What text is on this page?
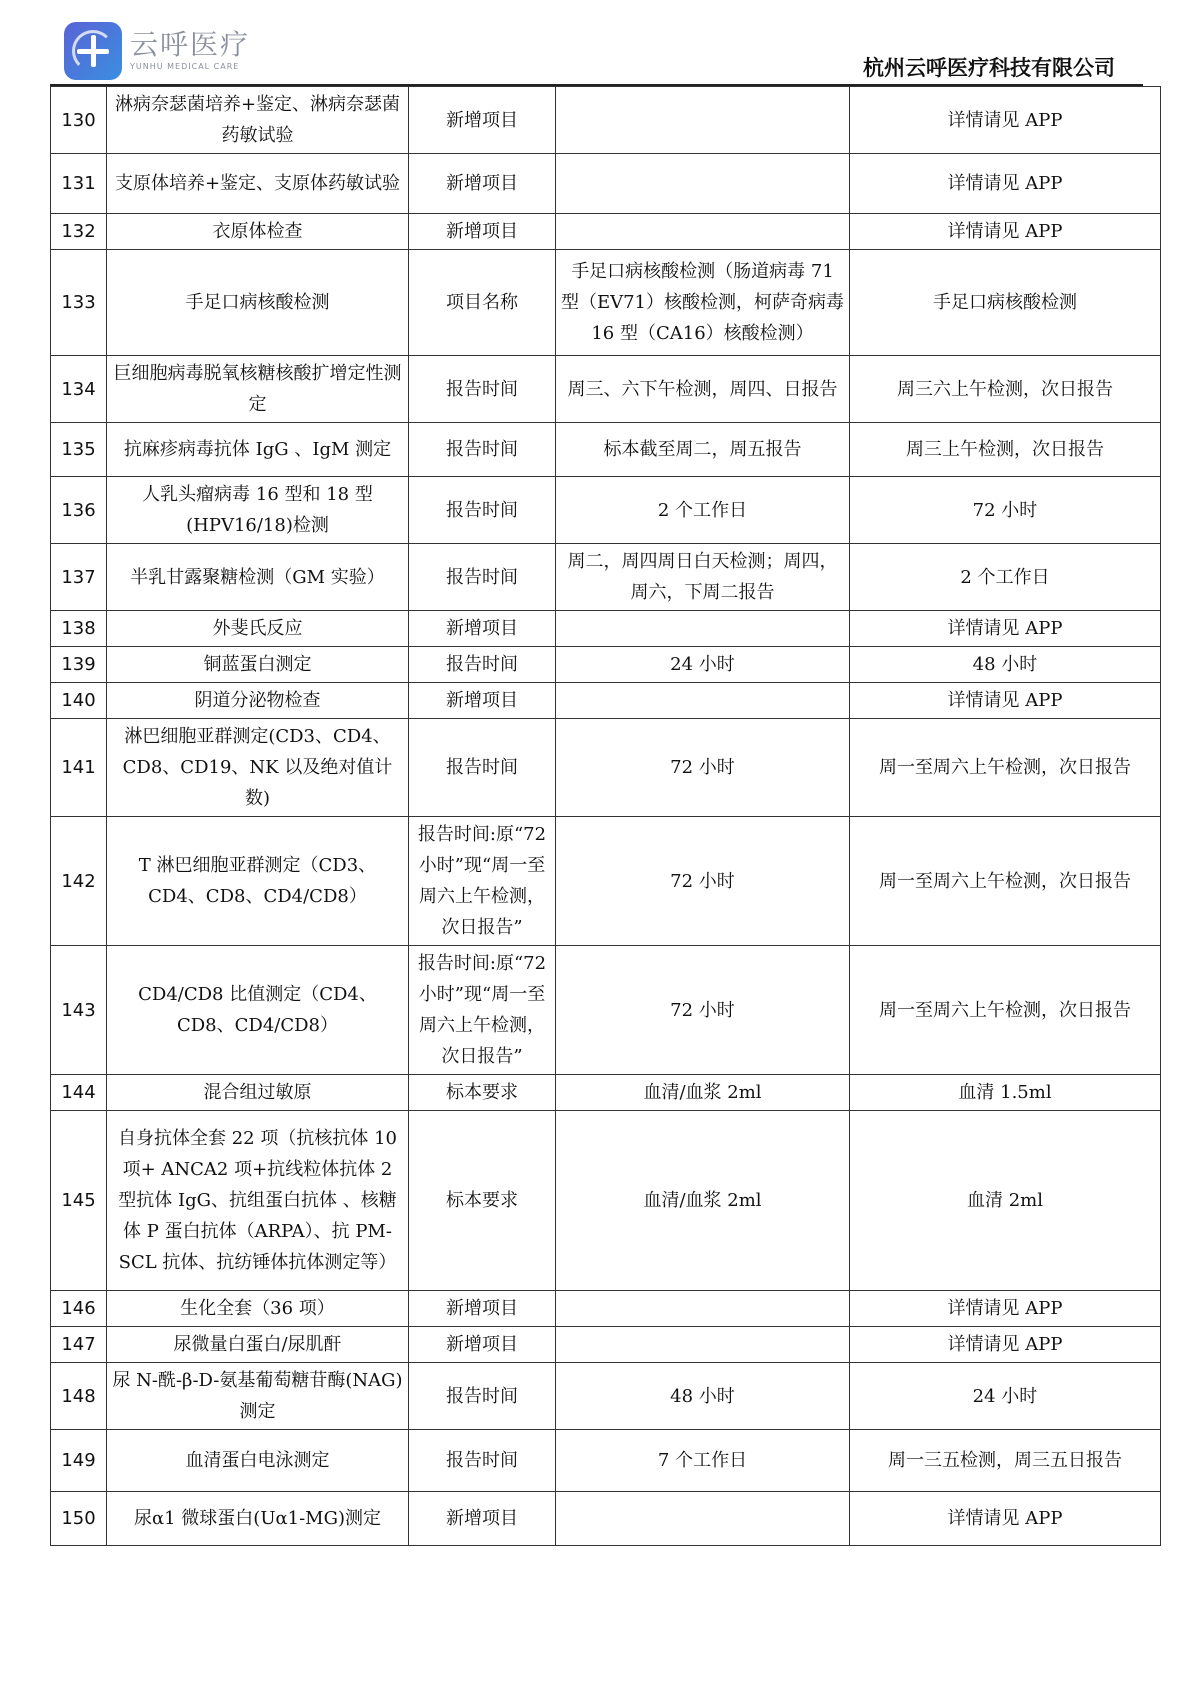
云呼医疗
YUNHU MEDICAL CARE	杭州云呼医疗科技有限公司
130	淋病奈瑟菌培养+鉴定、淋病奈瑟菌药敏试验	新增项目		详情请见 APP
131	支原体培养+鉴定、支原体药敏试验	新增项目		详情请见 APP
132	衣原体检查	新增项目		详情请见 APP
133	手足口病核酸检测	项目名称	手足口病核酸检测（肠道病毒 71 型（EV71）核酸检测，柯萨奇病毒 16 型（CA16）核酸检测）	手足口病核酸检测
134	巨细胞病毒脱氧核糖核酸扩增定性测定	报告时间	周三、六下午检测，周四、日报告	周三六上午检测，次日报告
135	抗麻疹病毒抗体 IgG 、IgM 测定	报告时间	标本截至周二，周五报告	周三上午检测，次日报告
136	人乳头瘤病毒 16 型和 18 型(HPV16/18)检测	报告时间	2 个工作日	72 小时
137	半乳甘露聚糖检测（GM 实验）	报告时间	周二，周四周日白天检测；周四，周六，下周二报告	2 个工作日
138	外斐氏反应	新增项目		详情请见 APP
139	铜蓝蛋白测定	报告时间	24 小时	48 小时
140	阴道分泌物检查	新增项目		详情请见 APP
141	淋巴细胞亚群测定(CD3、CD4、CD8、CD19、NK 以及绝对值计数)	报告时间	72 小时	周一至周六上午检测，次日报告
142	T 淋巴细胞亚群测定（CD3、CD4、CD8、CD4/CD8）	报告时间:原“72 小时”现“周一至周六上午检测，次日报告”	72 小时	周一至周六上午检测，次日报告
143	CD4/CD8 比值测定（CD4、CD8、CD4/CD8）	报告时间:原“72 小时”现“周一至周六上午检测，次日报告”	72 小时	周一至周六上午检测，次日报告
144	混合组过敏原	标本要求	血清/血浆 2ml	血清 1.5ml
145	自身抗体全套 22 项（抗核抗体 10 项+ ANCA2 项+抗线粒体抗体 2 型抗体 IgG、抗组蛋白抗体 、核糖体 P 蛋白抗体（ARPA）、抗 PM-SCL 抗体、抗纺锤体抗体测定等）	标本要求	血清/血浆 2ml	血清 2ml
146	生化全套（36 项）	新增项目		详情请见 APP
147	尿微量白蛋白/尿肌酐	新增项目		详情请见 APP
148	尿 N-酰-β-D-氨基葡萄糖苷酶(NAG)测定	报告时间	48 小时	24 小时
149	血清蛋白电泳测定	报告时间	7 个工作日	周一三五检测，周三五日报告
150	尿α1 微球蛋白(Uα1-MG)测定	新增项目		详情请见 APP
